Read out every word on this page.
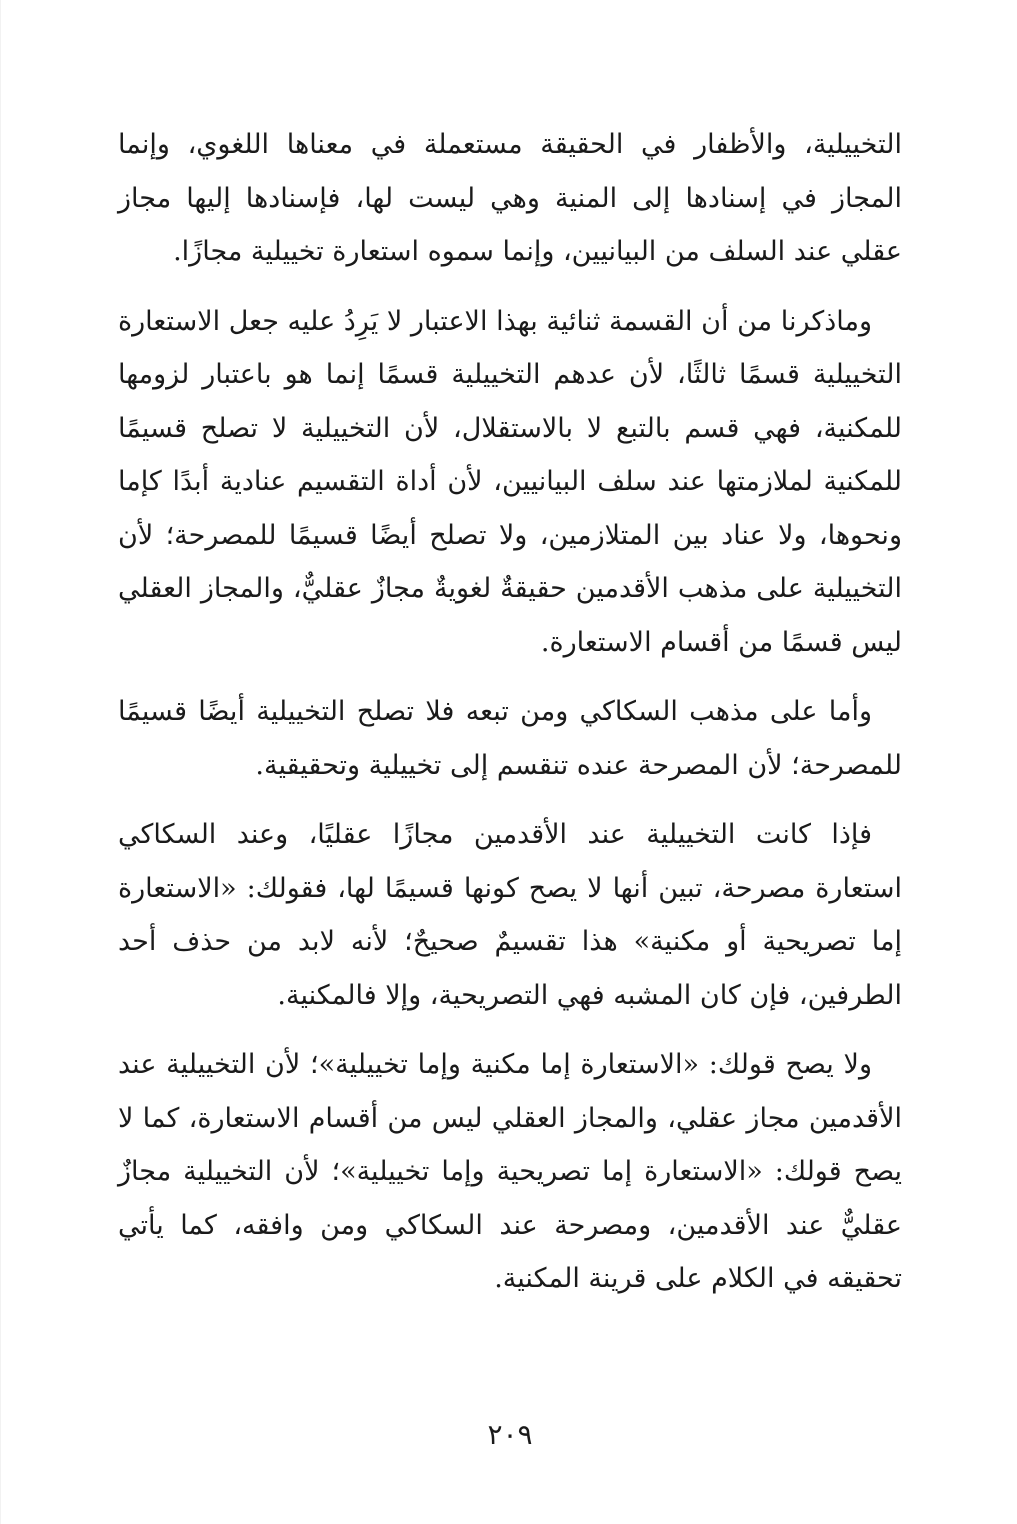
التخييلية، والأظفار في الحقيقة مستعملة في معناها اللغوي، وإنما المجاز في إسنادها إلى المنية وهي ليست لها، فإسنادها إليها مجاز عقلي عند السلف من البيانيين، وإنما سموه استعارة تخييلية مجازًا.

وماذكرنا من أن القسمة ثنائية بهذا الاعتبار لا يَرِدُ عليه جعل الاستعارة التخييلية قسمًا ثالثًا، لأن عدهم التخييلية قسمًا إنما هو باعتبار لزومها للمكنية، فهي قسم بالتبع لا بالاستقلال، لأن التخييلية لا تصلح قسيمًا للمكنية لملازمتها عند سلف البيانيين، لأن أداة التقسيم عنادية أبدًا كإما ونحوها، ولا عناد بين المتلازمين، ولا تصلح أيضًا قسيمًا للمصرحة؛ لأن التخييلية على مذهب الأقدمين حقيقةٌ لغويةٌ مجازٌ عقليٌّ، والمجاز العقلي ليس قسمًا من أقسام الاستعارة.

وأما على مذهب السكاكي ومن تبعه فلا تصلح التخييلية أيضًا قسيمًا للمصرحة؛ لأن المصرحة عنده تنقسم إلى تخييلية وتحقيقية.

فإذا كانت التخييلية عند الأقدمين مجازًا عقليًا، وعند السكاكي استعارة مصرحة، تبين أنها لا يصح كونها قسيمًا لها، فقولك: «الاستعارة إما تصريحية أو مكنية» هذا تقسيمٌ صحيحٌ؛ لأنه لابد من حذف أحد الطرفين، فإن كان المشبه فهي التصريحية، وإلا فالمكنية.

ولا يصح قولك: «الاستعارة إما مكنية وإما تخييلية»؛ لأن التخييلية عند الأقدمين مجاز عقلي، والمجاز العقلي ليس من أقسام الاستعارة، كما لا يصح قولك: «الاستعارة إما تصريحية وإما تخييلية»؛ لأن التخييلية مجازٌ عقليٌّ عند الأقدمين، ومصرحة عند السكاكي ومن وافقه، كما يأتي تحقيقه في الكلام على قرينة المكنية.

٢٠٩
